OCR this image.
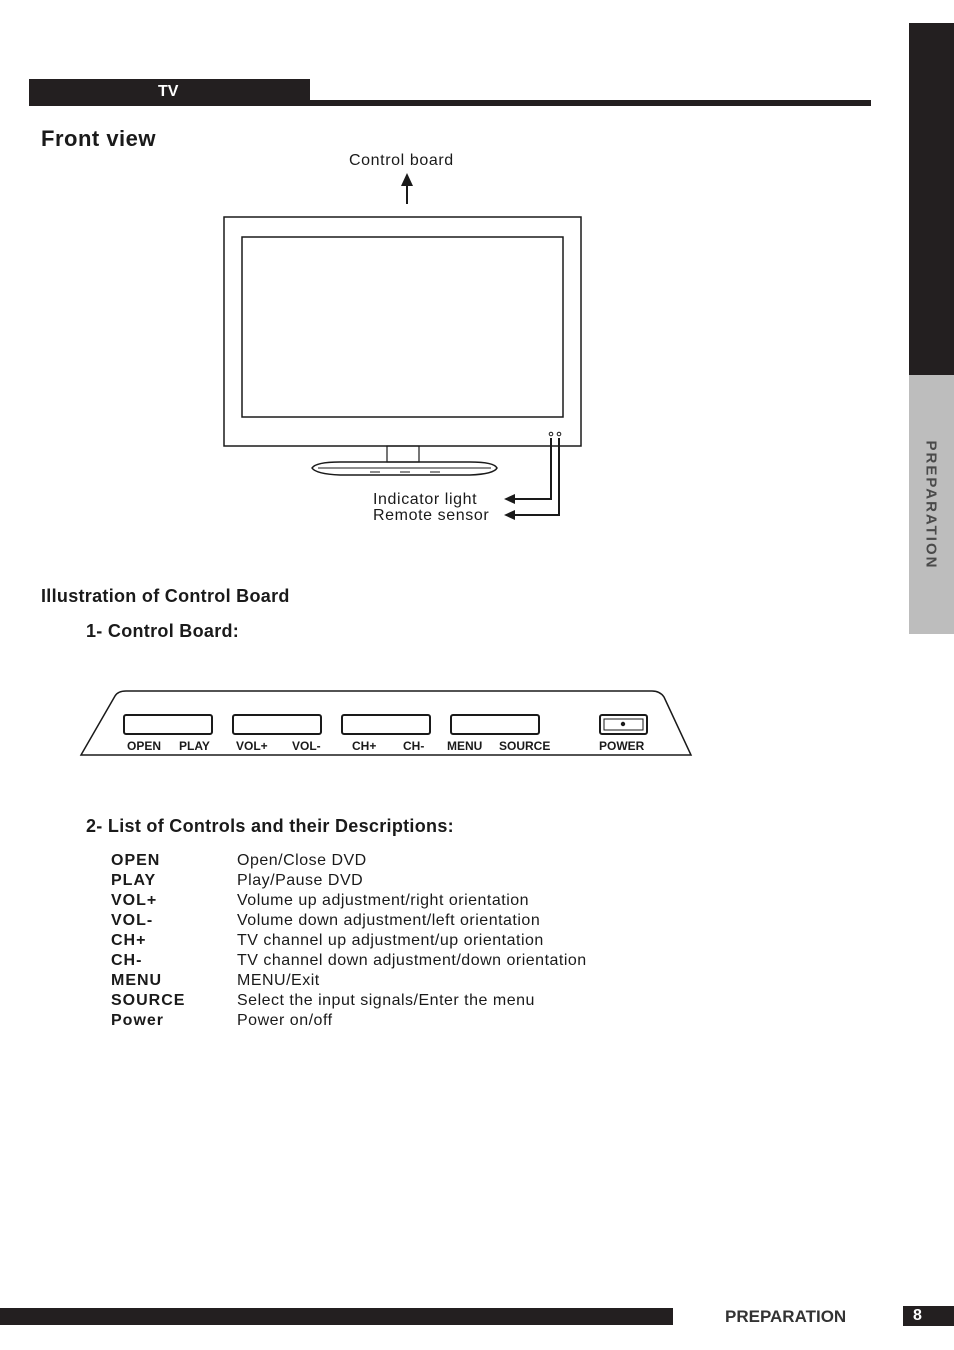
TV
PREPARATION
Front view
Control board
Indicator light
Remote sensor
Illustration of Control Board
1- Control Board:
OPEN PLAY VOL+ VOL-	CH+ CH- MENU SOURCE	POWER
2- List of Controls and their Descriptions:
OPEN	Open/Close DVD
PLAY	Play/Pause DVD
VOL+	Volume up adjustment/right orientation
VOL-	Volume down adjustment/left orientation
CH+	TV channel up adjustment/up orientation
CH-	TV channel down adjustment/down orientation
MENU	MENU/Exit
SOURCE	Select the input signals/Enter the menu
Power	Power on/off
PREPARATION	8
